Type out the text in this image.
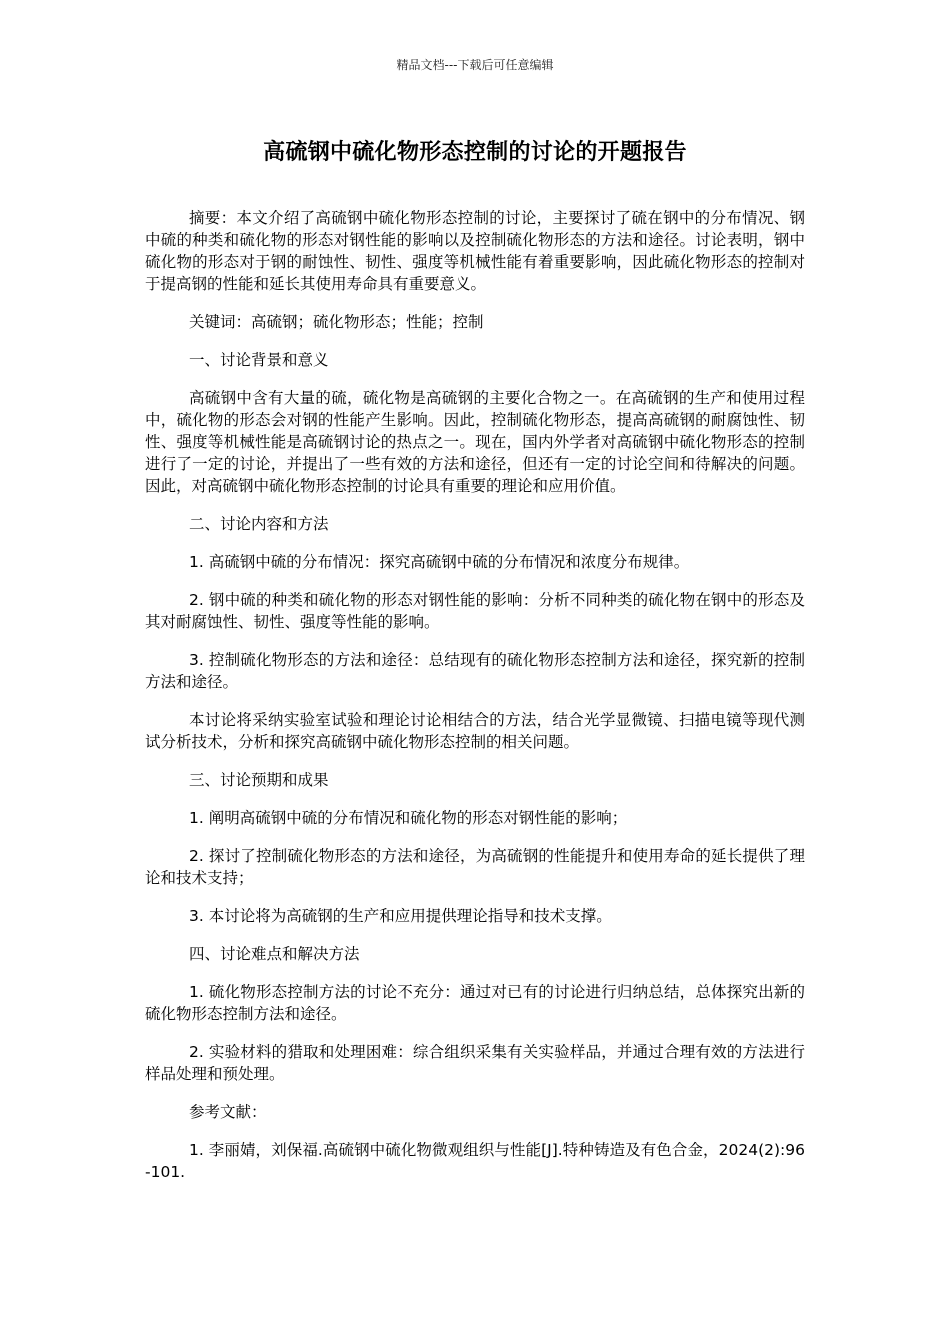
精品文档---下载后可任意编辑
高硫钢中硫化物形态控制的讨论的开题报告

摘要：本文介绍了高硫钢中硫化物形态控制的讨论，主要探讨了硫在钢中的分布情况、钢中硫的种类和硫化物的形态对钢性能的影响以及控制硫化物形态的方法和途径。讨论表明，钢中硫化物的形态对于钢的耐蚀性、韧性、强度等机械性能有着重要影响，因此硫化物形态的控制对于提高钢的性能和延长其使用寿命具有重要意义。

关键词：高硫钢；硫化物形态；性能；控制

一、讨论背景和意义

高硫钢中含有大量的硫，硫化物是高硫钢的主要化合物之一。在高硫钢的生产和使用过程中，硫化物的形态会对钢的性能产生影响。因此，控制硫化物形态，提高高硫钢的耐腐蚀性、韧性、强度等机械性能是高硫钢讨论的热点之一。现在，国内外学者对高硫钢中硫化物形态的控制进行了一定的讨论，并提出了一些有效的方法和途径，但还有一定的讨论空间和待解决的问题。因此，对高硫钢中硫化物形态控制的讨论具有重要的理论和应用价值。

二、讨论内容和方法

1. 高硫钢中硫的分布情况：探究高硫钢中硫的分布情况和浓度分布规律。

2. 钢中硫的种类和硫化物的形态对钢性能的影响：分析不同种类的硫化物在钢中的形态及其对耐腐蚀性、韧性、强度等性能的影响。

3. 控制硫化物形态的方法和途径：总结现有的硫化物形态控制方法和途径，探究新的控制方法和途径。

本讨论将采纳实验室试验和理论讨论相结合的方法，结合光学显微镜、扫描电镜等现代测试分析技术，分析和探究高硫钢中硫化物形态控制的相关问题。

三、讨论预期和成果

1. 阐明高硫钢中硫的分布情况和硫化物的形态对钢性能的影响；

2. 探讨了控制硫化物形态的方法和途径，为高硫钢的性能提升和使用寿命的延长提供了理论和技术支持；

3. 本讨论将为高硫钢的生产和应用提供理论指导和技术支撑。

四、讨论难点和解决方法

1. 硫化物形态控制方法的讨论不充分：通过对已有的讨论进行归纳总结，总体探究出新的硫化物形态控制方法和途径。

2. 实验材料的猎取和处理困难：综合组织采集有关实验样品，并通过合理有效的方法进行样品处理和预处理。

参考文献：

1. 李丽婧，刘保福.高硫钢中硫化物微观组织与性能[J].特种铸造及有色合金，2024(2):96-101.
